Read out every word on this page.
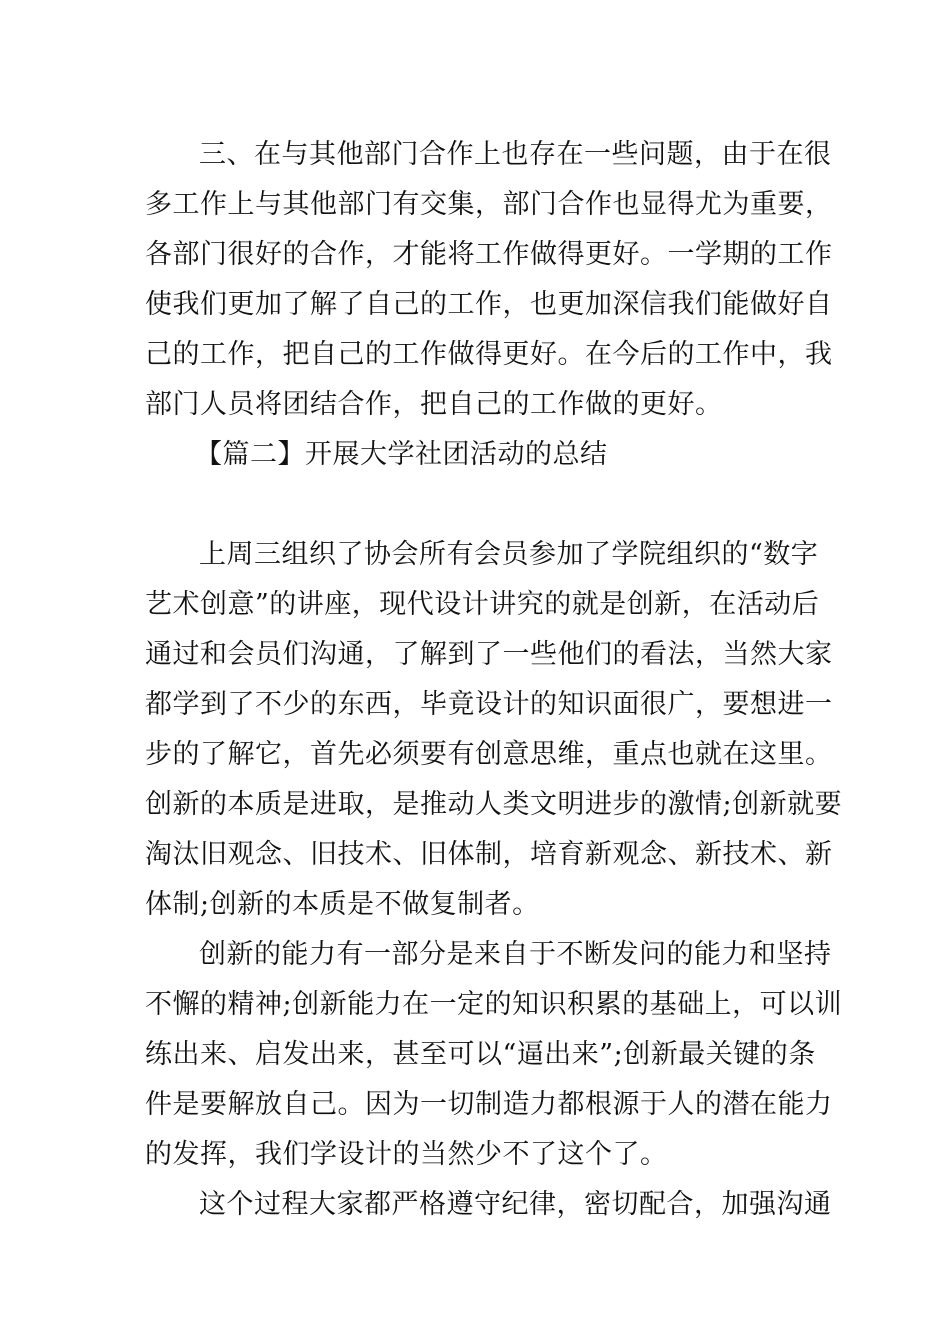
三、在与其他部门合作上也存在一些问题，由于在很
多工作上与其他部门有交集，部门合作也显得尤为重要，
各部门很好的合作，才能将工作做得更好。一学期的工作
使我们更加了解了自己的工作，也更加深信我们能做好自
己的工作，把自己的工作做得更好。在今后的工作中，我
部门人员将团结合作，把自己的工作做的更好。
【篇二】开展大学社团活动的总结
上周三组织了协会所有会员参加了学院组织的“数字
艺术创意”的讲座，现代设计讲究的就是创新，在活动后
通过和会员们沟通，了解到了一些他们的看法，当然大家
都学到了不少的东西，毕竟设计的知识面很广，要想进一
步的了解它，首先必须要有创意思维，重点也就在这里。
创新的本质是进取，是推动人类文明进步的激情;创新就要
淘汰旧观念、旧技术、旧体制，培育新观念、新技术、新
体制;创新的本质是不做复制者。
创新的能力有一部分是来自于不断发问的能力和坚持
不懈的精神;创新能力在一定的知识积累的基础上，可以训
练出来、启发出来，甚至可以“逼出来”;创新最关键的条
件是要解放自己。因为一切制造力都根源于人的潜在能力
的发挥，我们学设计的当然少不了这个了。
这个过程大家都严格遵守纪律，密切配合，加强沟通
